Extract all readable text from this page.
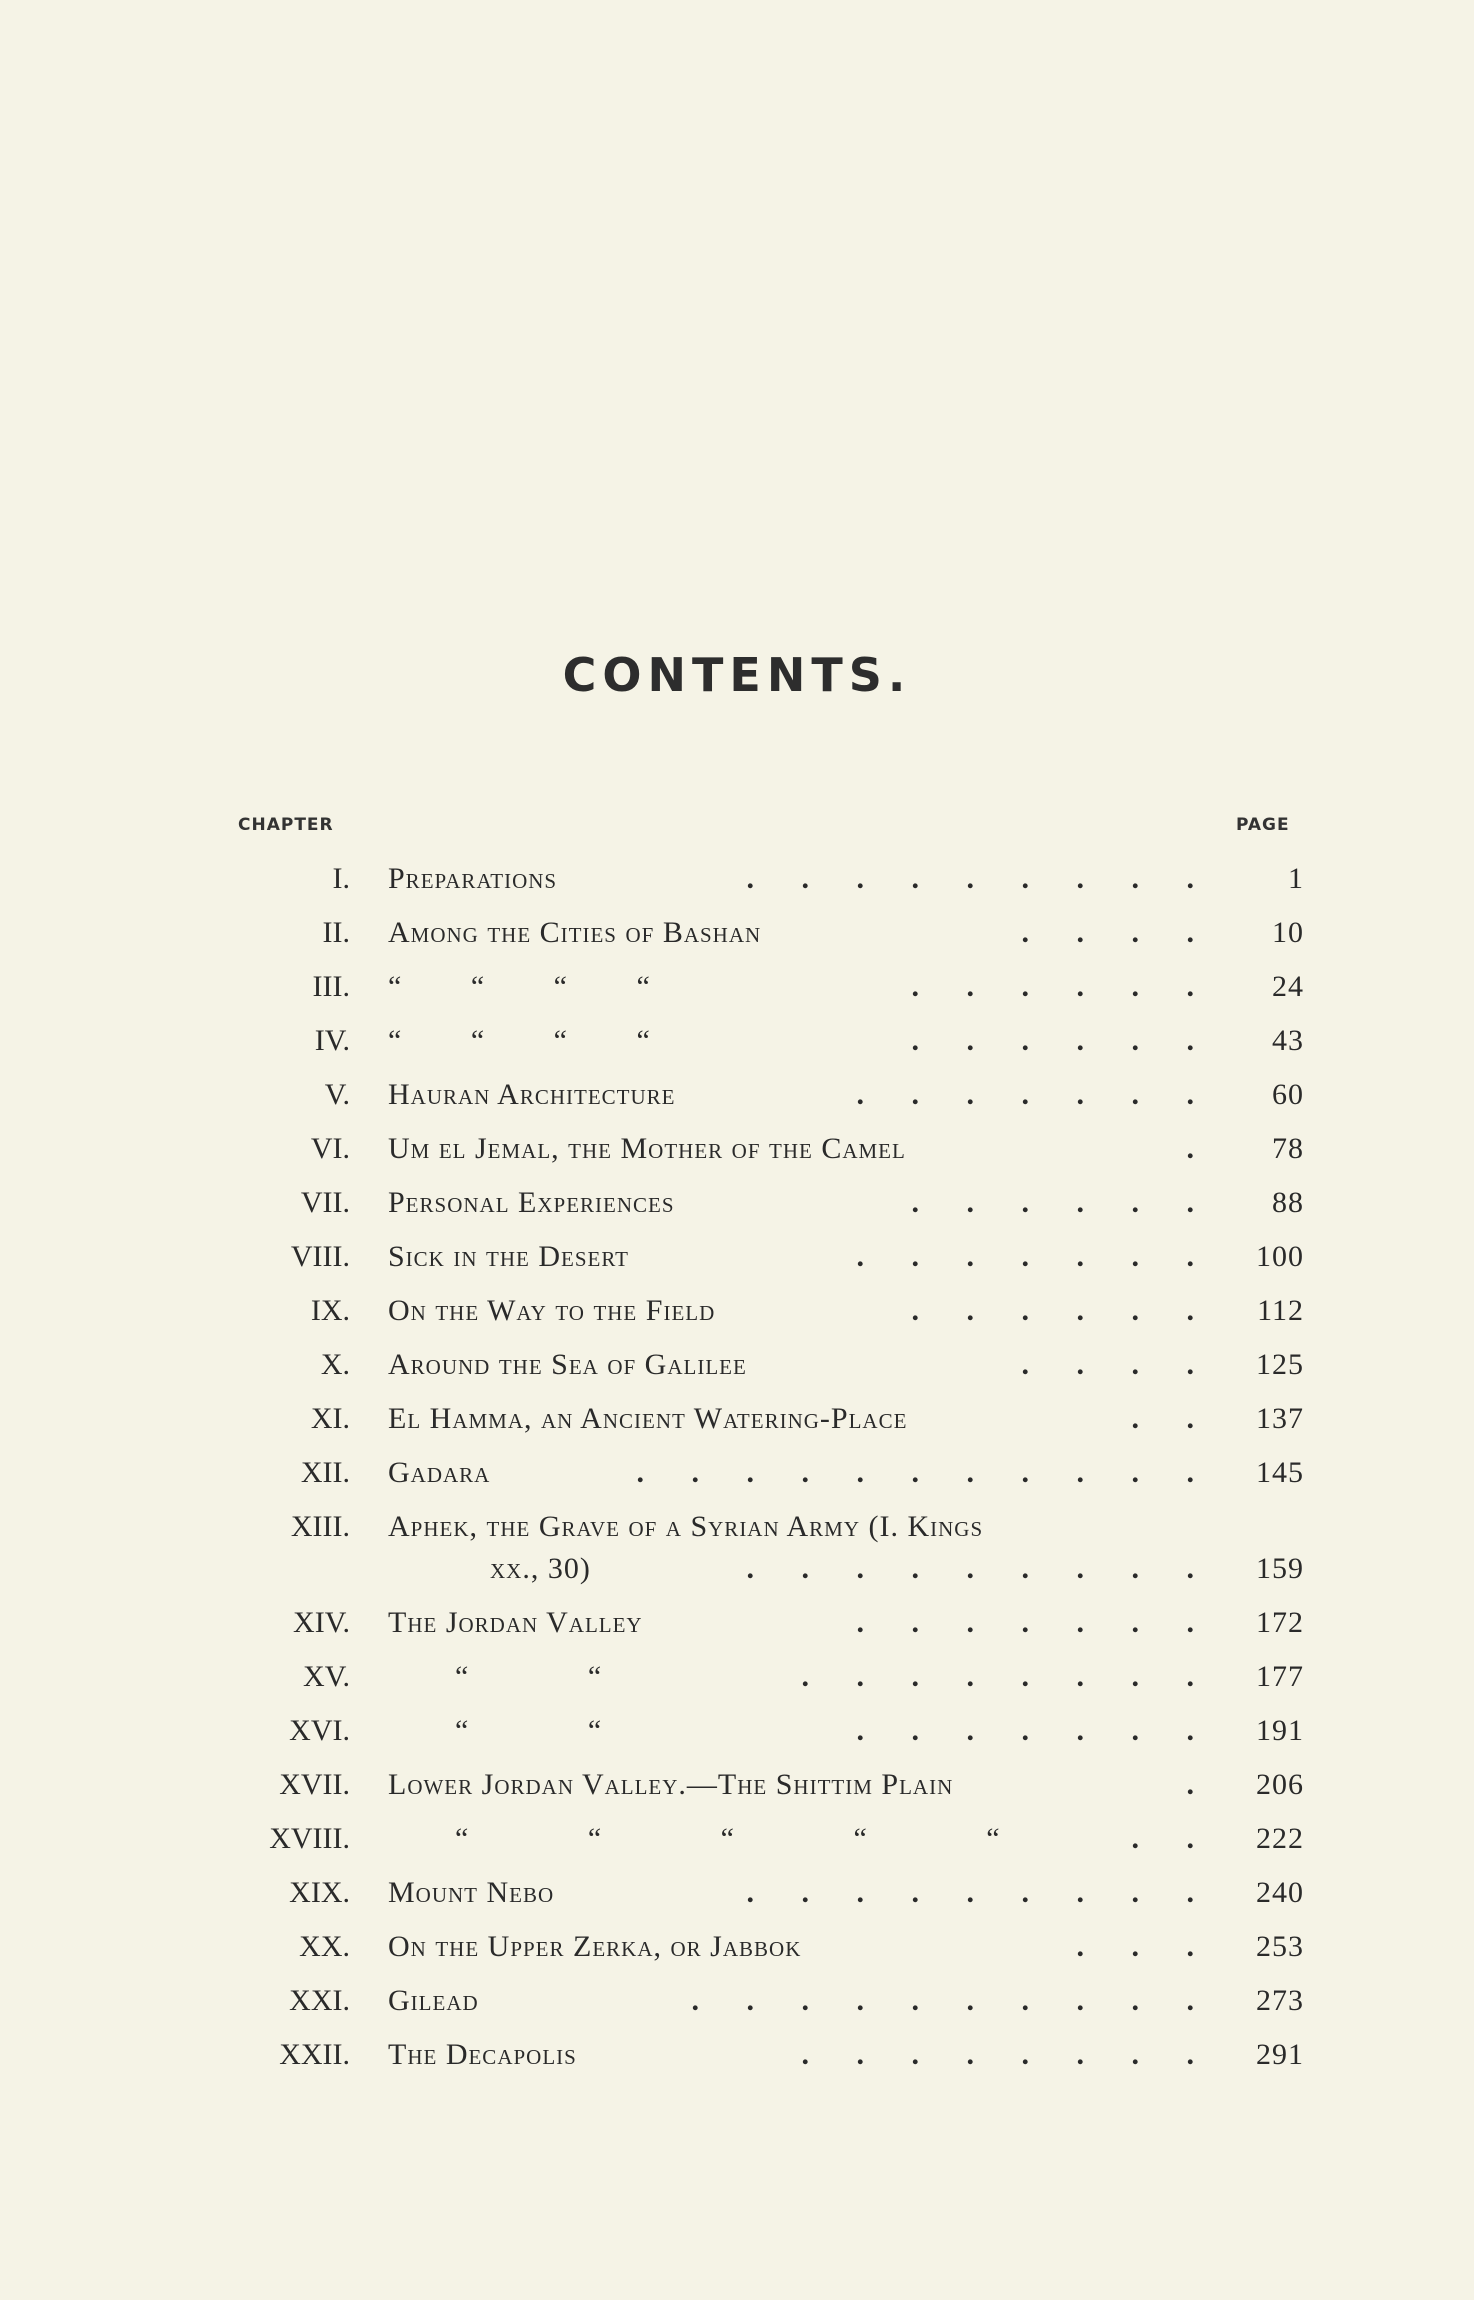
CONTENTS.
CHAPTER	PAGE
I. Preparations	. . . . . . . . . 1
II. Among the Cities of Bashan	. . . . 10
III. “ “ “ “	. . . . . . 24
IV. “ “ “ “	. . . . . . 43
V. Hauran Architecture	. . . . . . . 60
VI. Um el Jemal, the Mother of the Camel	. 78
VII. Personal Experiences	. . . . . . 88
VIII. Sick in the Desert	. . . . . . . 100
IX. On the Way to the Field	. . . . . . 112
X. Around the Sea of Galilee	. . . . 125
XI. El Hamma, an Ancient Watering-Place	. . 137
XII. Gadara	. . . . . . . . . . . 145
XIII. Aphek, the Grave of a Syrian Army (I. Kings
xx., 30)	. . . . . . . . . 159
XIV. The Jordan Valley	. . . . . . . 172
XV.	“ “	. . . . . . . . 177
XVI.	“ “	. . . . . . . 191
XVII. Lower Jordan Valley.—The Shittim Plain	. 206
XVIII.	“ “ “ “ “	. . 222
XIX. Mount Nebo	. . . . . . . . . 240
XX. On the Upper Zerka, or Jabbok	. . . 253
XXI. Gilead	. . . . . . . . . . 273
XXII. The Decapolis	. . . . . . . . 291
